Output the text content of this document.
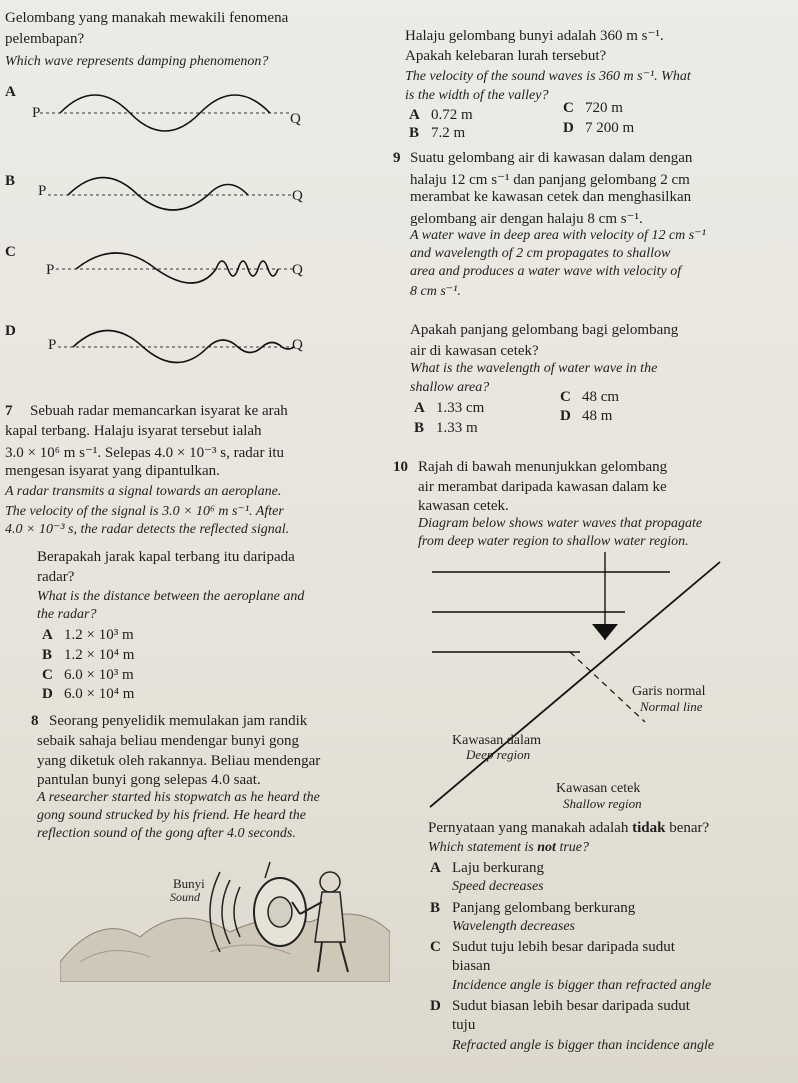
Gelombang yang manakah mewakili fenomena
pelembapan?
Which wave represents damping phenomenon?
A
P	Q
B
P	Q
C
P	Q
D
P	Q
7 Sebuah radar memancarkan isyarat ke arah
kapal terbang. Halaju isyarat tersebut ialah
3.0 × 10⁶ m s⁻¹. Selepas 4.0 × 10⁻³ s, radar itu
mengesan isyarat yang dipantulkan.
A radar transmits a signal towards an aeroplane.
The velocity of the signal is 3.0 × 10⁶ m s⁻¹. After
4.0 × 10⁻³ s, the radar detects the reflected signal.
Berapakah jarak kapal terbang itu daripada
radar?
What is the distance between the aeroplane and
the radar?
A 1.2 × 10³ m
B 1.2 × 10⁴ m
C 6.0 × 10³ m
D 6.0 × 10⁴ m
8 Seorang penyelidik memulakan jam randik
sebaik sahaja beliau mendengar bunyi gong
yang diketuk oleh rakannya. Beliau mendengar
pantulan bunyi gong selepas 4.0 saat.
A researcher started his stopwatch as he heard the
gong sound strucked by his friend. He heard the
reflection sound of the gong after 4.0 seconds.
Bunyi
Sound
Halaju gelombang bunyi adalah 360 m s⁻¹.
Apakah kelebaran lurah tersebut?
The velocity of the sound waves is 360 m s⁻¹. What
is the width of the valley?
A 0.72 m
B 7.2 m
C 720 m
D 7 200 m
9 Suatu gelombang air di kawasan dalam dengan
halaju 12 cm s⁻¹ dan panjang gelombang 2 cm
merambat ke kawasan cetek dan menghasilkan
gelombang air dengan halaju 8 cm s⁻¹.
A water wave in deep area with velocity of 12 cm s⁻¹
and wavelength of 2 cm propagates to shallow
area and produces a water wave with velocity of
8 cm s⁻¹.
Apakah panjang gelombang bagi gelombang
air di kawasan cetek?
What is the wavelength of water wave in the
shallow area?
A 1.33 cm
B 1.33 m
C 48 cm
D 48 m
10 Rajah di bawah menunjukkan gelombang
air merambat daripada kawasan dalam ke
kawasan cetek.
Diagram below shows water waves that propagate
from deep water region to shallow water region.
Garis normal
Normal line
Kawasan dalam
Deep region
Kawasan cetek
Shallow region
Pernyataan yang manakah adalah tidak benar?
Which statement is not true?
A Laju berkurang
Speed decreases
B Panjang gelombang berkurang
Wavelength decreases
C Sudut tuju lebih besar daripada sudut
biasan
Incidence angle is bigger than refracted angle
D Sudut biasan lebih besar daripada sudut
tuju
Refracted angle is bigger than incidence angle
